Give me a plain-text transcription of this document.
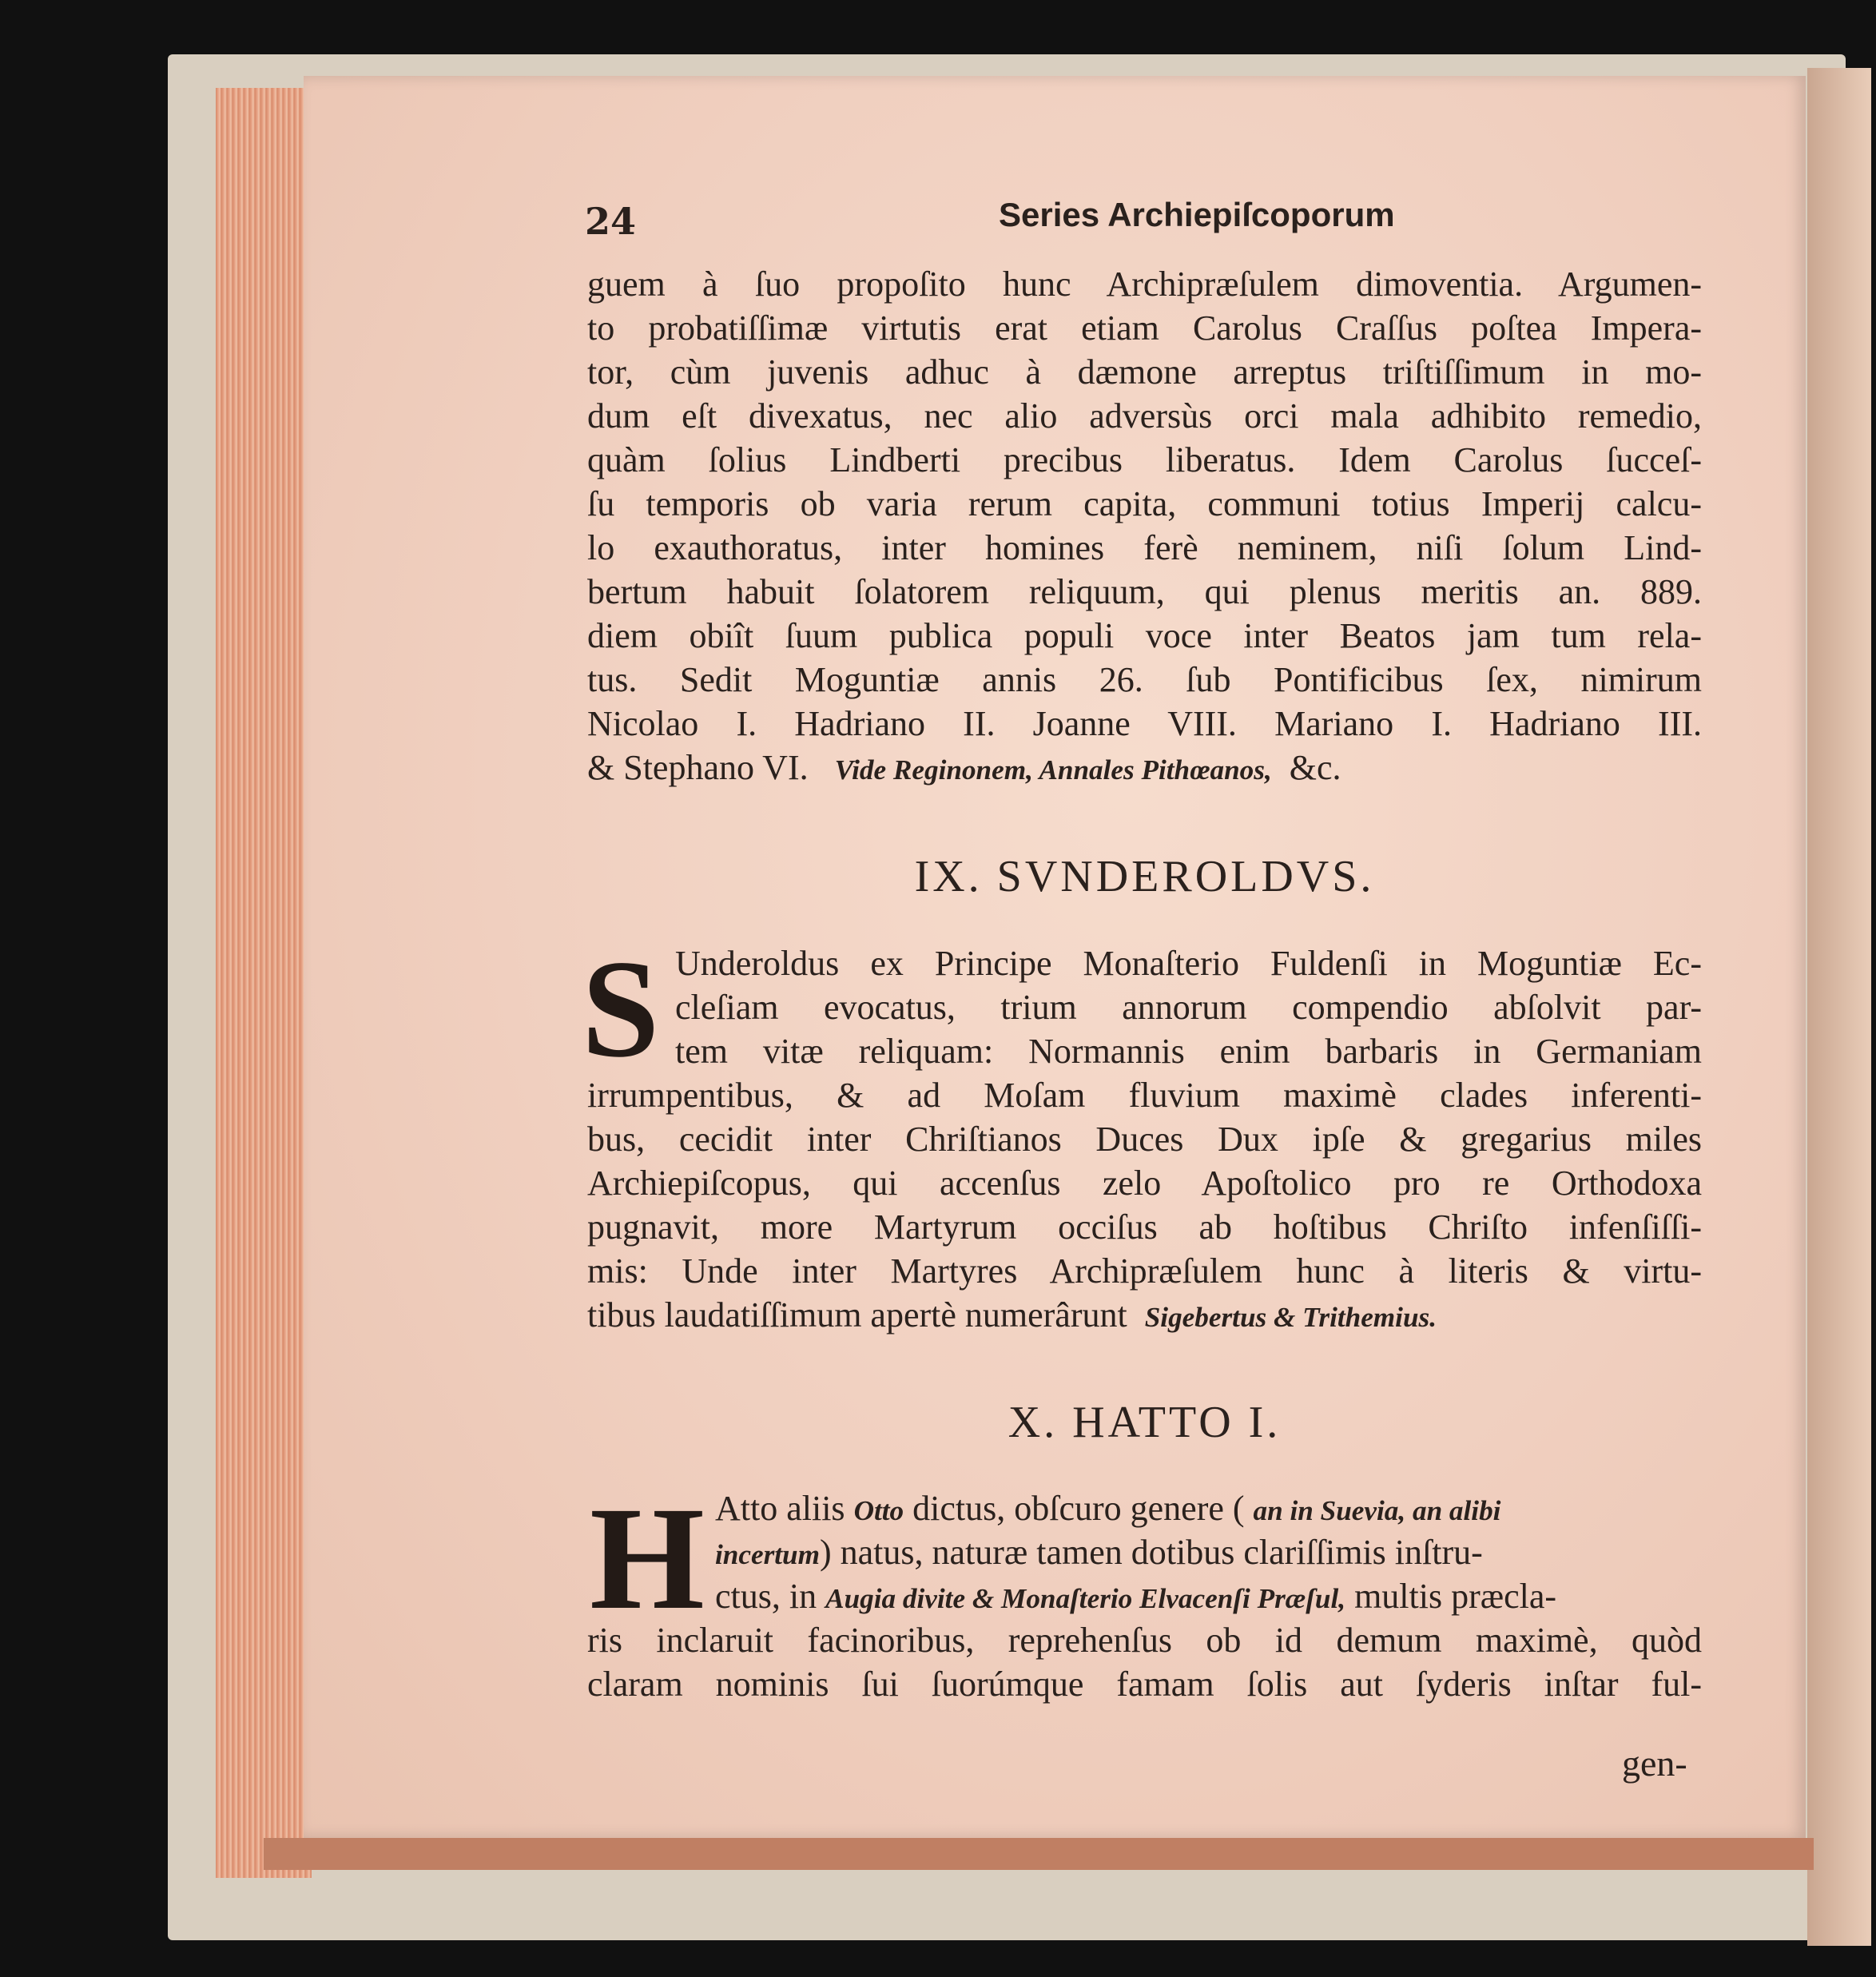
24	Series Archiepiſcoporum
guem à ſuo propoſito hunc Archipræſulem dimoventia. Argumen-
to probatiſſimæ virtutis erat etiam Carolus Craſſus poſtea Impera-
tor, cùm juvenis adhuc à dæmone arreptus triſtiſſimum in mo-
dum eſt divexatus, nec alio adversùs orci mala adhibito remedio,
quàm ſolius Lindberti precibus liberatus. Idem Carolus ſucceſ-
ſu temporis ob varia rerum capita, communi totius Imperij calcu-
lo exauthoratus, inter homines ferè neminem, niſi ſolum Lind-
bertum habuit ſolatorem reliquum, qui plenus meritis an. 889.
diem obiît ſuum publica populi voce inter Beatos jam tum rela-
tus. Sedit Moguntiæ annis 26. ſub Pontificibus ſex, nimirum
Nicolao I. Hadriano II. Joanne VIII. Mariano I. Hadriano III.
& Stephano VI. Vide Reginonem, Annales Pithœanos, &c.
IX. SVNDEROLDVS.
S Underoldus ex Principe Monaſterio Fuldenſi in Moguntiæ Ec-
cleſiam evocatus, trium annorum compendio abſolvit par-
tem vitæ reliquam: Normannis enim barbaris in Germaniam
irrumpentibus, & ad Moſam fluvium maximè clades inferenti-
bus, cecidit inter Chriſtianos Duces Dux ipſe & gregarius miles
Archiepiſcopus, qui accenſus zelo Apoſtolico pro re Orthodoxa
pugnavit, more Martyrum occiſus ab hoſtibus Chriſto infenſiſſi-
mis: Unde inter Martyres Archipræſulem hunc à literis & virtu-
tibus laudatiſſimum apertè numerârunt Sigebertus & Trithemius.
X. HATTO I.
H Atto aliis Otto dictus, obſcuro genere ( an in Suevia, an alibi
incertum) natus, naturæ tamen dotibus clariſſimis inſtru-
ctus, in Augia divite & Monaſterio Elvacenſi Præſul, multis præcla-
ris inclaruit facinoribus, reprehenſus ob id demum maximè, quòd
claram nominis ſui ſuorúmque famam ſolis aut ſyderis inſtar ful-
gen-
